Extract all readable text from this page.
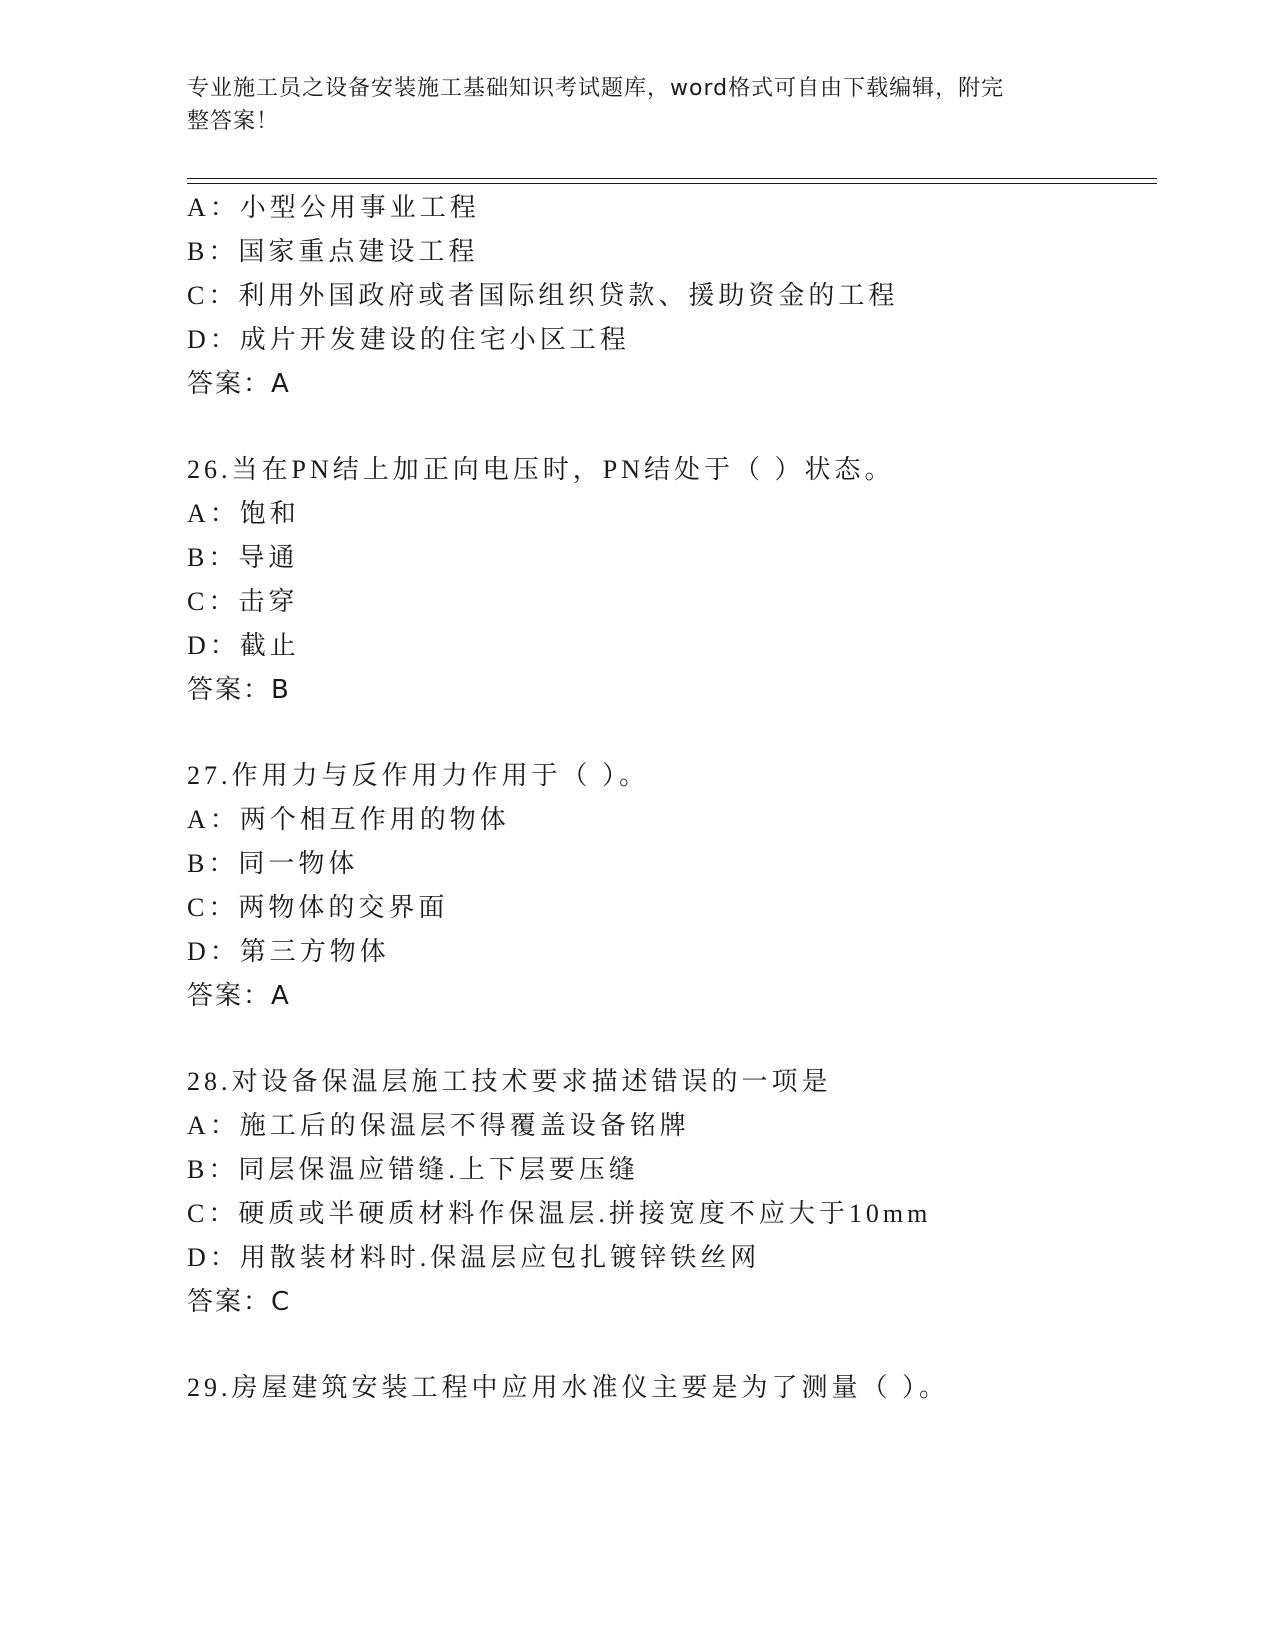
专业施工员之设备安装施工基础知识考试题库，word格式可自由下载编辑，附完
整答案！
A：小型公用事业工程
B：国家重点建设工程
C：利用外国政府或者国际组织贷款、援助资金的工程
D：成片开发建设的住宅小区工程
答案：A
26.当在PN结上加正向电压时，PN结处于（ ）状态。
A：饱和
B：导通
C：击穿
D：截止
答案：B
27.作用力与反作用力作用于（ ）。
A：两个相互作用的物体
B：同一物体
C：两物体的交界面
D：第三方物体
答案：A
28.对设备保温层施工技术要求描述错误的一项是
A：施工后的保温层不得覆盖设备铭牌
B：同层保温应错缝.上下层要压缝
C：硬质或半硬质材料作保温层.拼接宽度不应大于10mm
D：用散装材料时.保温层应包扎镀锌铁丝网
答案：C
29.房屋建筑安装工程中应用水准仪主要是为了测量（ ）。
